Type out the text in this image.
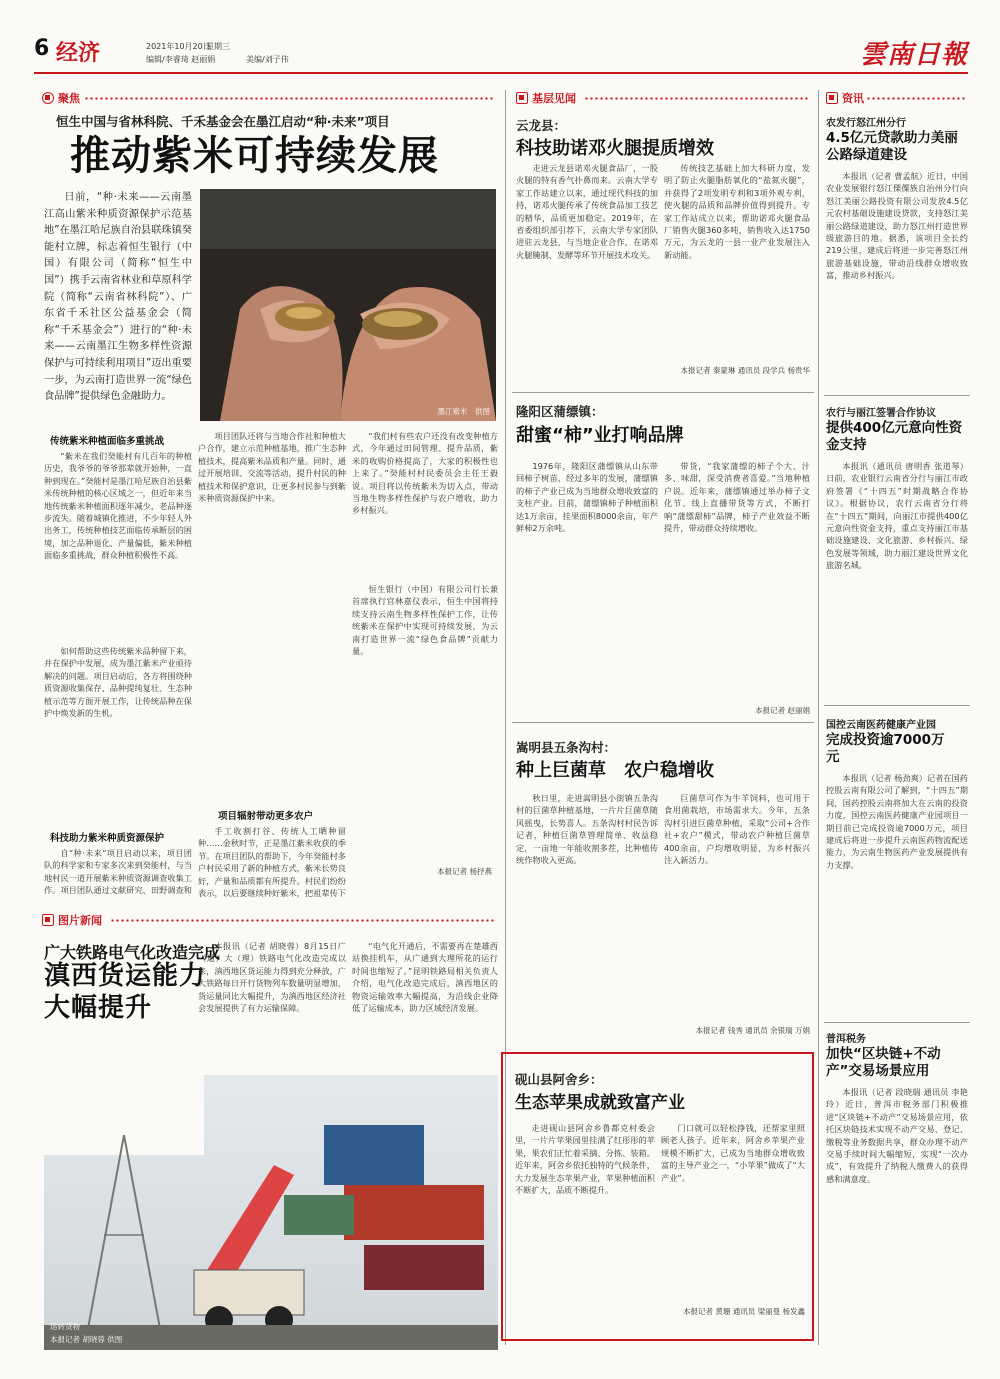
6 经济	2021年10月20日
星期三
编辑/李睿琦 赵丽娟	美编/刘子伟	雲南日報
聚焦
恒生中国与省林科院、千禾基金会在墨江启动“种·未来”项目
推动紫米可持续发展
日前，“种·未来——云南墨江高山紫米种质资源保护示范基地”在墨江哈尼族自治县联珠镇癸能村立牌，标志着恒生银行（中国）有限公司（简称“恒生中国”）携手云南省林业和草原科学院（简称“云南省林科院”）、广东省千禾社区公益基金会（简称“千禾基金会”）进行的“种·未来——云南墨江生物多样性资源保护与可持续利用项目”迈出重要一步，为云南打造世界一流“绿色食品牌”提供绿色金融助力。
墨江紫米　供图
传统紫米种植面临多重挑战
“紫米在我们癸能村有几百年的种植历史，我爷爷的爷爷那辈就开始种，一直种到现在。”癸能村是墨江哈尼族自治县紫米传统种植的核心区域之一，但近年来当地传统紫米种植面积逐年减少，老品种逐步流失。随着城镇化推进，不少年轻人外出务工，传统种植技艺面临传承断层的困境，加之品种退化、产量偏低，紫米种植面临多重挑战，群众种植积极性不高。
如何帮助这些传统紫米品种留下来，并在保护中发展，成为墨江紫米产业亟待解决的问题。项目启动后，各方将围绕种质资源收集保存、品种提纯复壮、生态种植示范等方面开展工作，让传统品种在保护中焕发新的生机。
科技助力紫米种质资源保护
自“种·未来”项目启动以来，项目团队的科学家和专家多次来到癸能村，与当地村民一道开展紫米种质资源调查收集工作。项目团队通过文献研究、田野调查和
项目团队还将与当地合作社和种植大户合作，建立示范种植基地，推广生态种植技术，提高紫米品质和产量。同时，通过开展培训、交流等活动，提升村民的种植技术和保护意识，让更多村民参与到紫米种质资源保护中来。
项目辐射带动更多农户
手工收割打谷、传统人工晒种留种……金秋时节，正是墨江紫米收获的季节。在项目团队的帮助下，今年癸能村多户村民采用了新的种植方式，紫米长势良好，产量和品质都有所提升。村民们纷纷表示，以后要继续种好紫米，把祖辈传下
“我们村有些农户还没有改变种植方式，今年通过田间管理、提升品质，紫米的收购价格提高了，大家的积极性也上来了。”癸能村村民委员会主任王毅说。项目将以传统紫米为切入点，带动当地生物多样性保护与农户增收，助力乡村振兴。
恒生银行（中国）有限公司行长兼首席执行官林嘉仪表示，恒生中国将持续支持云南生物多样性保护工作，让传统紫米在保护中实现可持续发展，为云南打造世界一流“绿色食品牌”贡献力量。
本报记者 杨抒燕
图片新闻
广大铁路电气化改造完成
滇西货运能力
大幅提升
本报讯（记者 胡晓蓉）8月15日广（通）大（理）铁路电气化改造完成以来，滇西地区货运能力得到充分释放，广大铁路每日开行货物列车数量明显增加，货运量同比大幅提升，为滇西地区经济社会发展提供了有力运输保障。
“电气化开通后，不需要再在楚雄西站换挂机车，从广通到大理所花的运行时间也缩短了。”昆明铁路局相关负责人介绍，电气化改造完成后，滇西地区的物资运输效率大幅提高，为沿线企业降低了运输成本，助力区域经济发展。
运转货物
本报记者 胡晓蓉 供图
基层见闻
云龙县：
科技助诺邓火腿提质增效
走进云龙县诺邓火腿食品厂，一股火腿的特有香气扑鼻而来。云南大学专家工作站建立以来，通过现代科技的加持，诺邓火腿传承了传统食品加工技艺的精华，品质更加稳定。2019年，在省委组织部引荐下，云南大学专家团队进驻云龙县，与当地企业合作，在诺邓火腿腌制、发酵等环节开展技术攻关。
传统技艺基础上加大科研力度，发明了防止火腿脂肪氧化的“盐氮火腿”，并获得了2项发明专利和3项外观专利，使火腿的品质和品牌价值得到提升。专家工作站成立以来，帮助诺邓火腿食品厂销售火腿360多吨，销售收入达1750万元，为云龙的一县一业产业发展注入新动能。
本报记者 秦蒙琳 通讯员 段学兵 杨贵华
隆阳区蒲缥镇：
甜蜜“柿”业打响品牌
1976年，隆阳区蒲缥镇从山东带回柿子树苗，经过多年的发展，蒲缥镇的柿子产业已成为当地群众增收致富的支柱产业。目前，蒲缥镇柿子种植面积达1万余亩，挂果面积8000余亩，年产鲜柿2万余吨。
带货，“我家蒲缥的柿子个大、汁多、味甜，深受消费者喜爱。”当地种植户说。近年来，蒲缥镇通过举办柿子文化节、线上直播带货等方式，不断打响“蒲缥甜柿”品牌，柿子产业效益不断提升，带动群众持续增收。
本报记者 赵丽娟
嵩明县五条沟村：
种上巨菌草　农户稳增收
秋日里，走进嵩明县小街镇五条沟村的巨菌草种植基地，一片片巨菌草随风摇曳，长势喜人。五条沟村村民告诉记者，种植巨菌草管理简单、收益稳定，一亩地一年能收割多茬，比种植传统作物收入更高。
巨菌草可作为牛羊饲料，也可用于食用菌栽培，市场需求大。今年，五条沟村引进巨菌草种植，采取“公司+合作社+农户”模式，带动农户种植巨菌草400余亩，户均增收明显，为乡村振兴注入新活力。
本报记者 钱秀 通讯员 余银瑞 万娟
砚山县阿舍乡：
生态苹果成就致富产业
走进砚山县阿舍乡鲁都克村委会里，一片片苹果园里挂满了红彤彤的苹果，果农们正忙着采摘、分拣、装箱。近年来，阿舍乡依托独特的气候条件，大力发展生态苹果产业，苹果种植面积不断扩大，品质不断提升。
门口就可以轻松挣钱，还帮家里照顾老人孩子。近年来，阿舍乡苹果产业规模不断扩大，已成为当地群众增收致富的主导产业之一，“小苹果”做成了“大产业”。
本报记者 黄珊 通讯员 梁丽曼 杨发鑫
资讯
农发行怒江州分行
4.5亿元贷款助力美丽公路绿道建设
本报讯（记者 曹孟航）近日，中国农业发展银行怒江傈僳族自治州分行向怒江美丽公路投资有限公司发放4.5亿元农村基础设施建设贷款，支持怒江美丽公路绿道建设，助力怒江州打造世界级旅游目的地。据悉，该项目全长约219公里，建成后将进一步完善怒江州旅游基础设施，带动沿线群众增收致富，推动乡村振兴。
农行与丽江签署合作协议
提供400亿元意向性资金支持
本报讯（通讯员 唐明香 张道琴）日前，农业银行云南省分行与丽江市政府签署《“十四五”时期战略合作协议》。根据协议，农行云南省分行将在“十四五”期间，向丽江市提供400亿元意向性资金支持，重点支持丽江市基础设施建设、文化旅游、乡村振兴、绿色发展等领域，助力丽江建设世界文化旅游名城。
国控云南医药健康产业园
完成投资逾7000万元
本报讯（记者 杨劲爽）记者在国药控股云南有限公司了解到，“十四五”期间，国药控股云南将加大在云南的投资力度，国控云南医药健康产业园项目一期目前已完成投资逾7000万元，项目建成后将进一步提升云南医药物流配送能力，为云南生物医药产业发展提供有力支撑。
普洱税务
加快“区块链+不动产”交易场景应用
本报讯（记者 段晓瑞 通讯员 李艳玲）近日，普洱市税务部门积极推进“区块链+不动产”交易场景应用，依托区块链技术实现不动产交易、登记、缴税等业务数据共享，群众办理不动产交易手续时间大幅缩短，实现“一次办成”，有效提升了纳税人缴费人的获得感和满意度。
